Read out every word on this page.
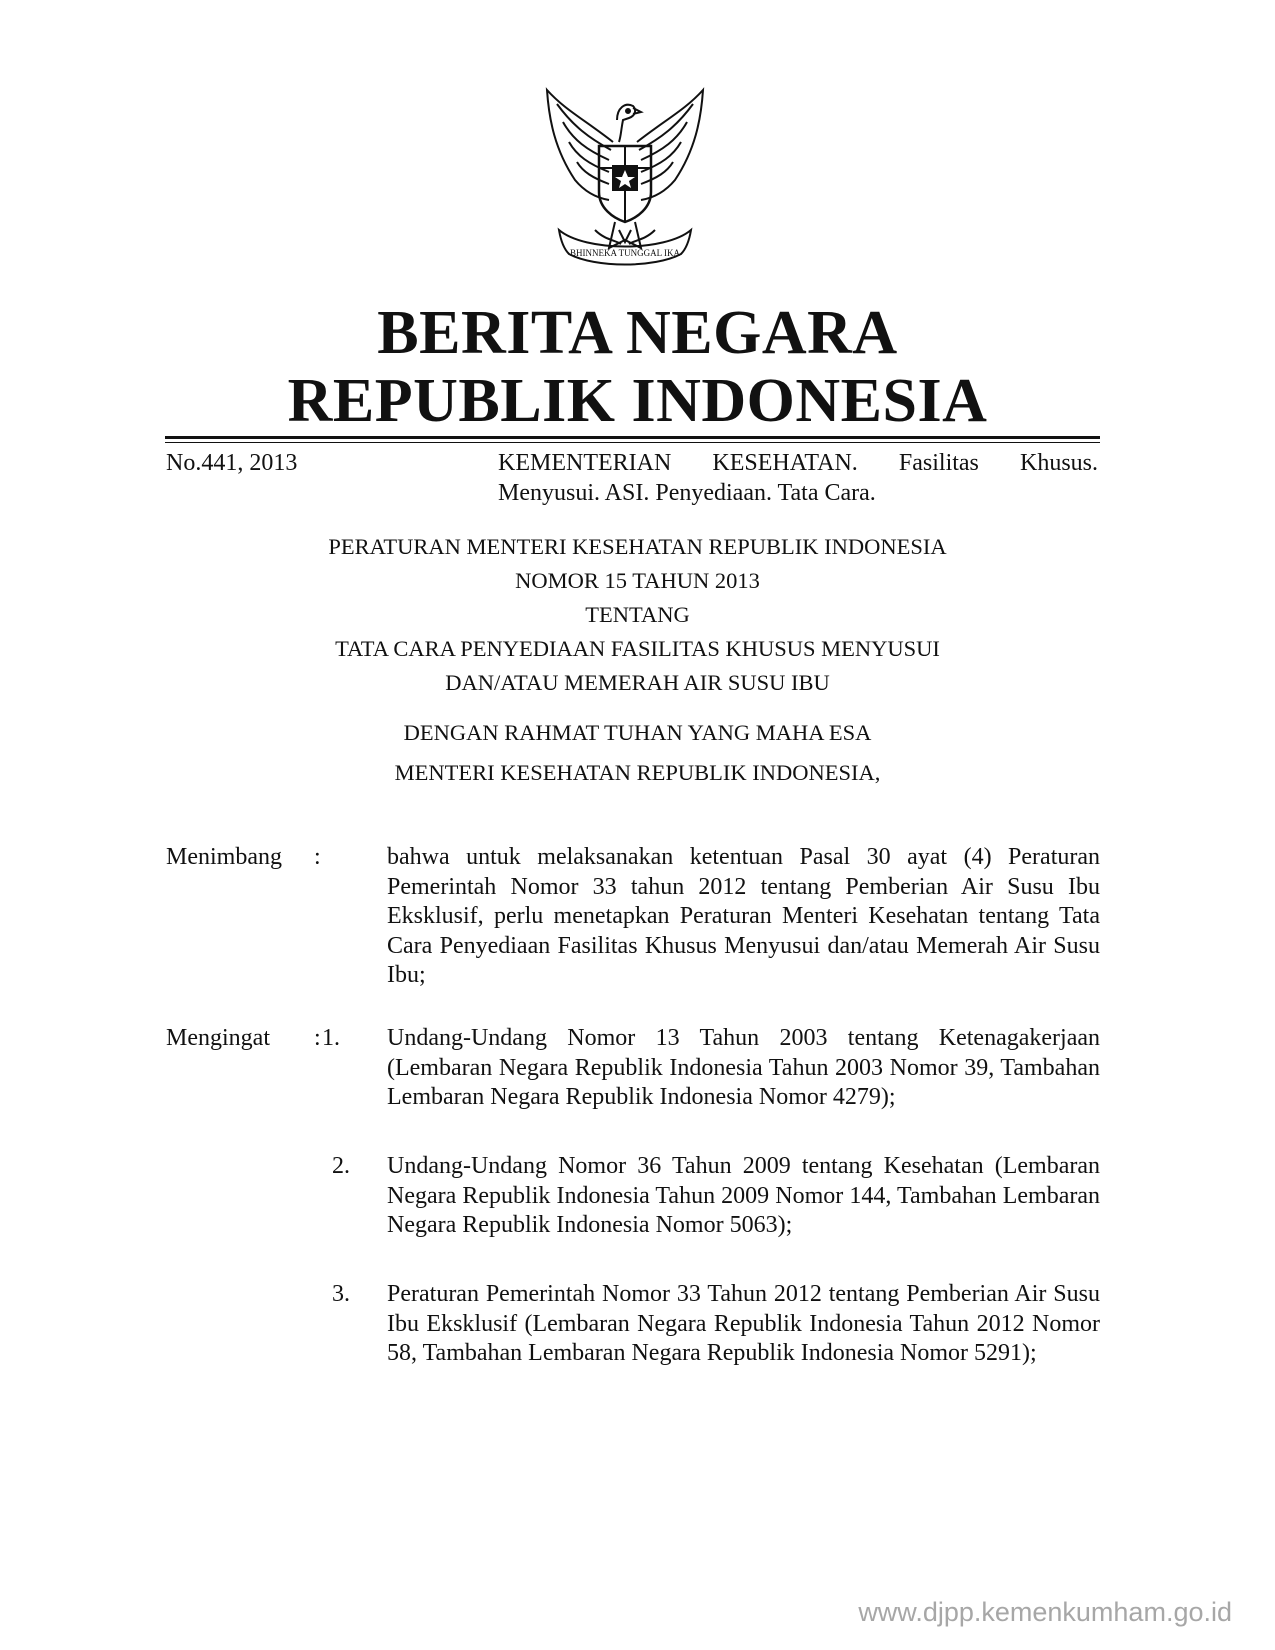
BHINNEKA TUNGGAL IKA
BERITA NEGARA
REPUBLIK INDONESIA
No.441, 2013	KEMENTERIAN KESEHATAN. Fasilitas Khusus. Menyusui. ASI. Penyediaan. Tata Cara.
PERATURAN MENTERI KESEHATAN REPUBLIK INDONESIA
NOMOR 15 TAHUN 2013
TENTANG
TATA CARA PENYEDIAAN FASILITAS KHUSUS MENYUSUI
DAN/ATAU MEMERAH AIR SUSU IBU
DENGAN RAHMAT TUHAN YANG MAHA ESA
MENTERI KESEHATAN REPUBLIK INDONESIA,
Menimbang :	bahwa untuk melaksanakan ketentuan Pasal 30 ayat (4) Peraturan Pemerintah Nomor 33 tahun 2012 tentang Pemberian Air Susu Ibu Eksklusif, perlu menetapkan Peraturan Menteri Kesehatan tentang Tata Cara Penyediaan Fasilitas Khusus Menyusui dan/atau Memerah Air Susu Ibu;
Mengingat : 1. Undang-Undang Nomor 13 Tahun 2003 tentang Ketenagakerjaan (Lembaran Negara Republik Indonesia Tahun 2003 Nomor 39, Tambahan Lembaran Negara Republik Indonesia Nomor 4279);
2. Undang-Undang Nomor 36 Tahun 2009 tentang Kesehatan (Lembaran Negara Republik Indonesia Tahun 2009 Nomor 144, Tambahan Lembaran Negara Republik Indonesia Nomor 5063);
3. Peraturan Pemerintah Nomor 33 Tahun 2012 tentang Pemberian Air Susu Ibu Eksklusif (Lembaran Negara Republik Indonesia Tahun 2012 Nomor 58, Tambahan Lembaran Negara Republik Indonesia Nomor 5291);
www.djpp.kemenkumham.go.id
